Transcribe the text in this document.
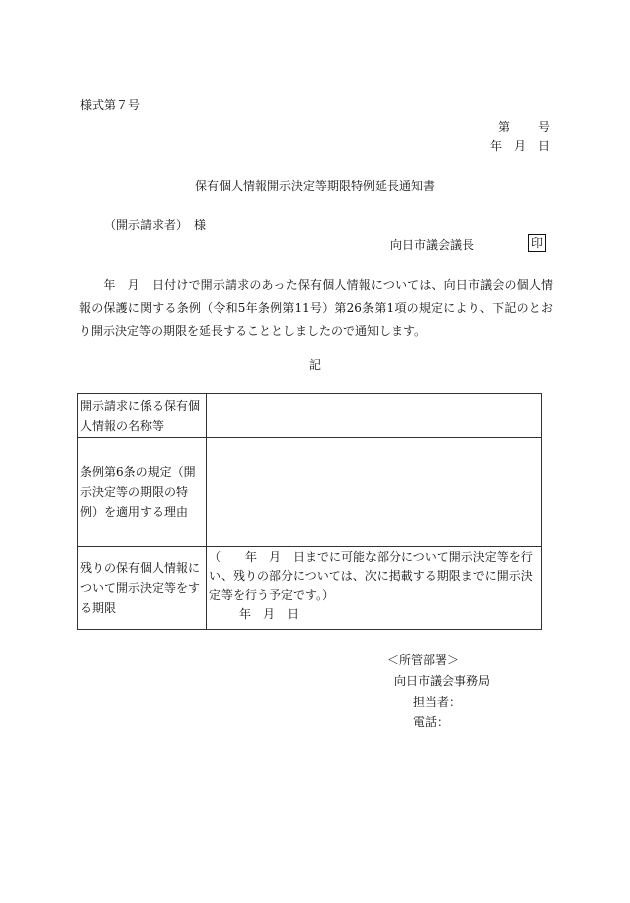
様式第７号
第 号
年　月　日
保有個人情報開示決定等期限特例延長通知書
（開示請求者）　様
向日市議会議長	印
　　年　月　日付けで開示請求のあった保有個人情報については、向日市議会の個人情報の保護に関する条例（令和5年条例第11号）第26条第1項の規定により、下記のとおり開示決定等の期限を延長することとしましたので通知します。
記
開示請求に係る保有個人情報の名称等	
条例第6条の規定（開示決定等の期限の特例）を適用する理由	
残りの保有個人情報について開示決定等をする期限	（　　年　月　日までに可能な部分について開示決定等を行い、残りの部分については、次に掲載する期限までに開示決定等を行う予定です。）
年　月　日
＜所管部署＞
向日市議会事務局
担当者：
電話：
